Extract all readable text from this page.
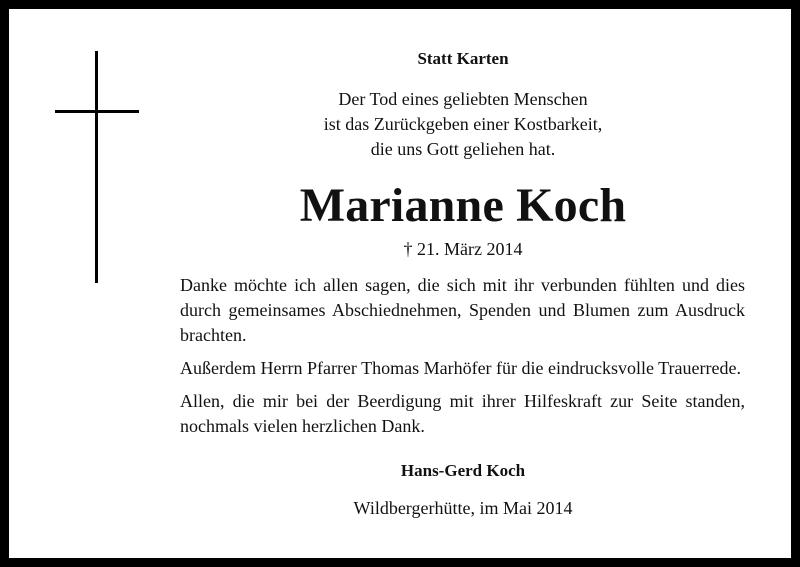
Statt Karten
Der Tod eines geliebten Menschen
ist das Zurückgeben einer Kostbarkeit,
die uns Gott geliehen hat.
Marianne Koch
† 21. März 2014

Danke möchte ich allen sagen, die sich mit ihr verbunden fühlten und dies durch gemeinsames Abschiednehmen, Spenden und Blumen zum Ausdruck brachten.

Außerdem Herrn Pfarrer Thomas Marhöfer für die eindrucksvolle Trauerrede.

Allen, die mir bei der Beerdigung mit ihrer Hilfeskraft zur Seite standen, nochmals vielen herzlichen Dank.

Hans-Gerd Koch
Wildbergerhütte, im Mai 2014
